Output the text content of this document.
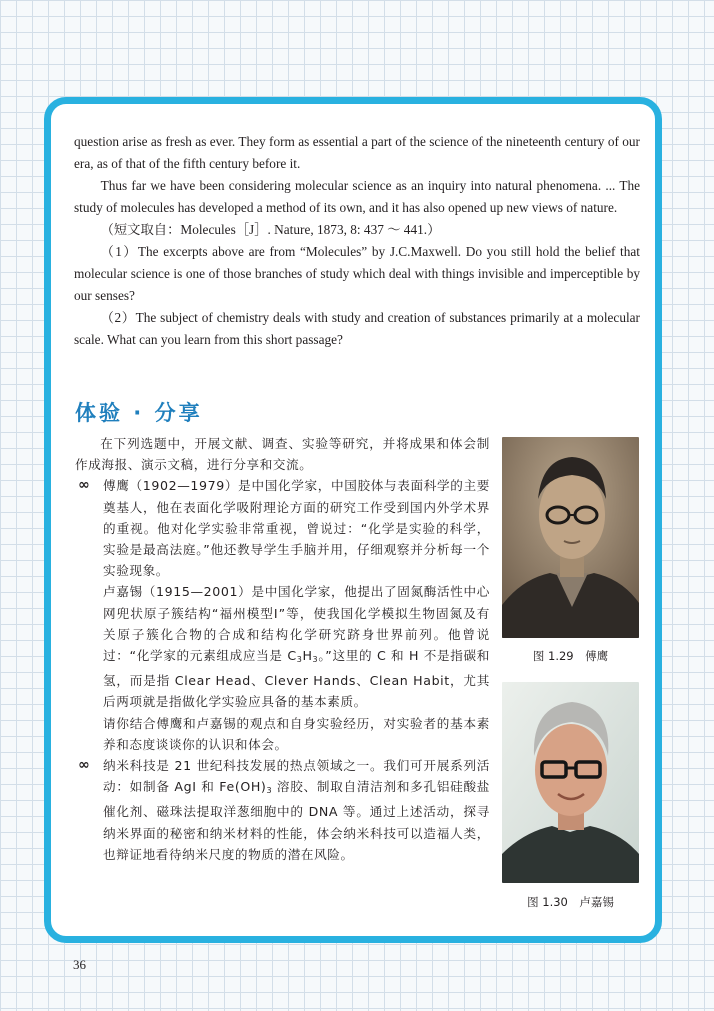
question arise as fresh as ever. They form as essential a part of the science of the nineteenth century of our era, as of that of the fifth century before it.

Thus far we have been considering molecular science as an inquiry into natural phenomena. ... The study of molecules has developed a method of its own, and it has also opened up new views of nature.

（短文取自：Molecules［J］. Nature, 1873, 8: 437 ～ 441.）

（1）The excerpts above are from “Molecules” by J.C.Maxwell. Do you still hold the belief that molecular science is one of those branches of study which deal with things invisible and imperceptible by our senses?

（2）The subject of chemistry deals with study and creation of substances primarily at a molecular scale. What can you learn from this short passage?

体验 · 分享

在下列选题中，开展文献、调查、实验等研究，并将成果和体会制作成海报、演示文稿，进行分享和交流。

∞ 傅鹰（1902—1979）是中国化学家，中国胶体与表面科学的主要奠基人，他在表面化学吸附理论方面的研究工作受到国内外学术界的重视。他对化学实验非常重视，曾说过：“化学是实验的科学，实验是最高法庭。”他还教导学生手脑并用，仔细观察并分析每一个实验现象。

卢嘉锡（1915—2001）是中国化学家，他提出了固氮酶活性中心网兜状原子簇结构“福州模型Ⅰ”等，使我国化学模拟生物固氮及有关原子簇化合物的合成和结构化学研究跻身世界前列。他曾说过：“化学家的元素组成应当是 $C_3H_3$。”这里的 C 和 H 不是指碳和氢，而是指 Clear Head、Clever Hands、Clean Habit，尤其后两项就是指做化学实验应具备的基本素质。

请你结合傅鹰和卢嘉锡的观点和自身实验经历，对实验者的基本素养和态度谈谈你的认识和体会。

∞ 纳米科技是 21 世纪科技发展的热点领域之一。我们可开展系列活动：如制备 AgI 和 $Fe(OH)_3$ 溶胶、制取自清洁剂和多孔铝硅酸盐催化剂、磁珠法提取洋葱细胞中的 DNA 等。通过上述活动，探寻纳米界面的秘密和纳米材料的性能，体会纳米科技可以造福人类，也辩证地看待纳米尺度的物质的潜在风险。

图 1.29　傅鹰
图 1.30　卢嘉锡
36
